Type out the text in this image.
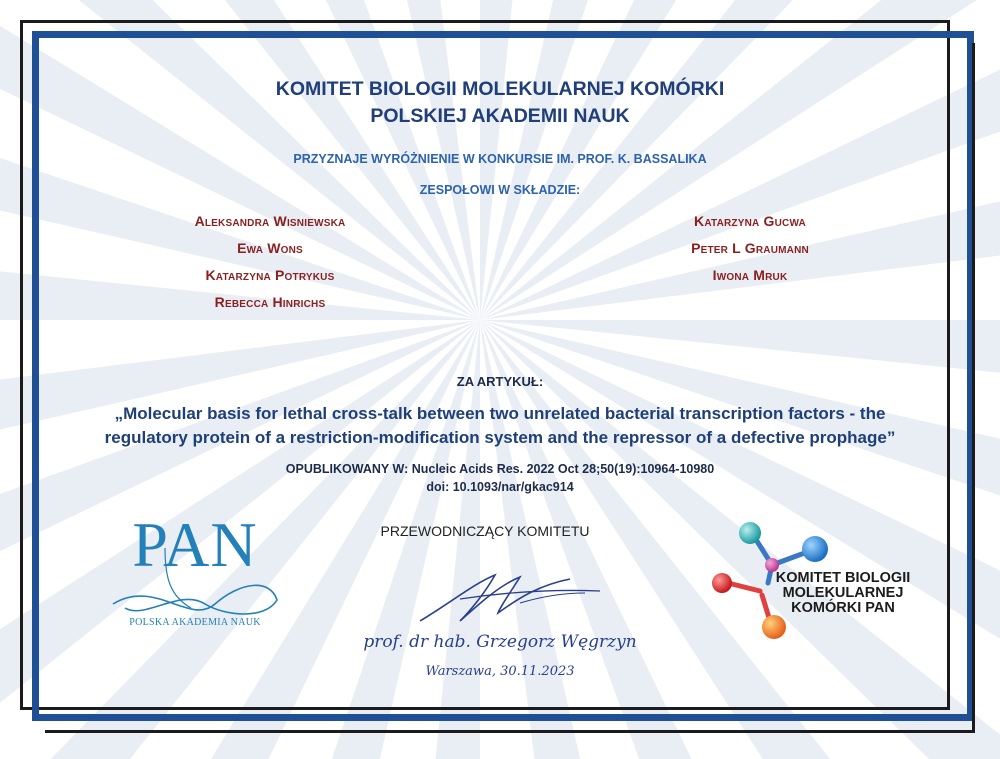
KOMITET BIOLOGII MOLEKULARNEJ KOMÓRKI
POLSKIEJ AKADEMII NAUK
PRZYZNAJE WYRÓŻNIENIE W KONKURSIE IM. PROF. K. BASSALIKA
ZESPOŁOWI W SKŁADZIE:
Aleksandra Wisniewska
Ewa Wons
Katarzyna Potrykus
Rebecca Hinrichs
Katarzyna Gucwa
Peter L Graumann
Iwona Mruk
ZA ARTYKUŁ:
„Molecular basis for lethal cross-talk between two unrelated bacterial transcription factors - the
regulatory protein of a restriction-modification system and the repressor of a defective prophage”
OPUBLIKOWANY W: Nucleic Acids Res. 2022 Oct 28;50(19):10964-10980
doi: 10.1093/nar/gkac914
PAN
POLSKA AKADEMIA NAUK
PRZEWODNICZĄCY KOMITETU
prof. dr hab. Grzegorz Węgrzyn
Warszawa, 30.11.2023
KOMITET BIOLOGII
MOLEKULARNEJ
KOMÓRKI PAN
